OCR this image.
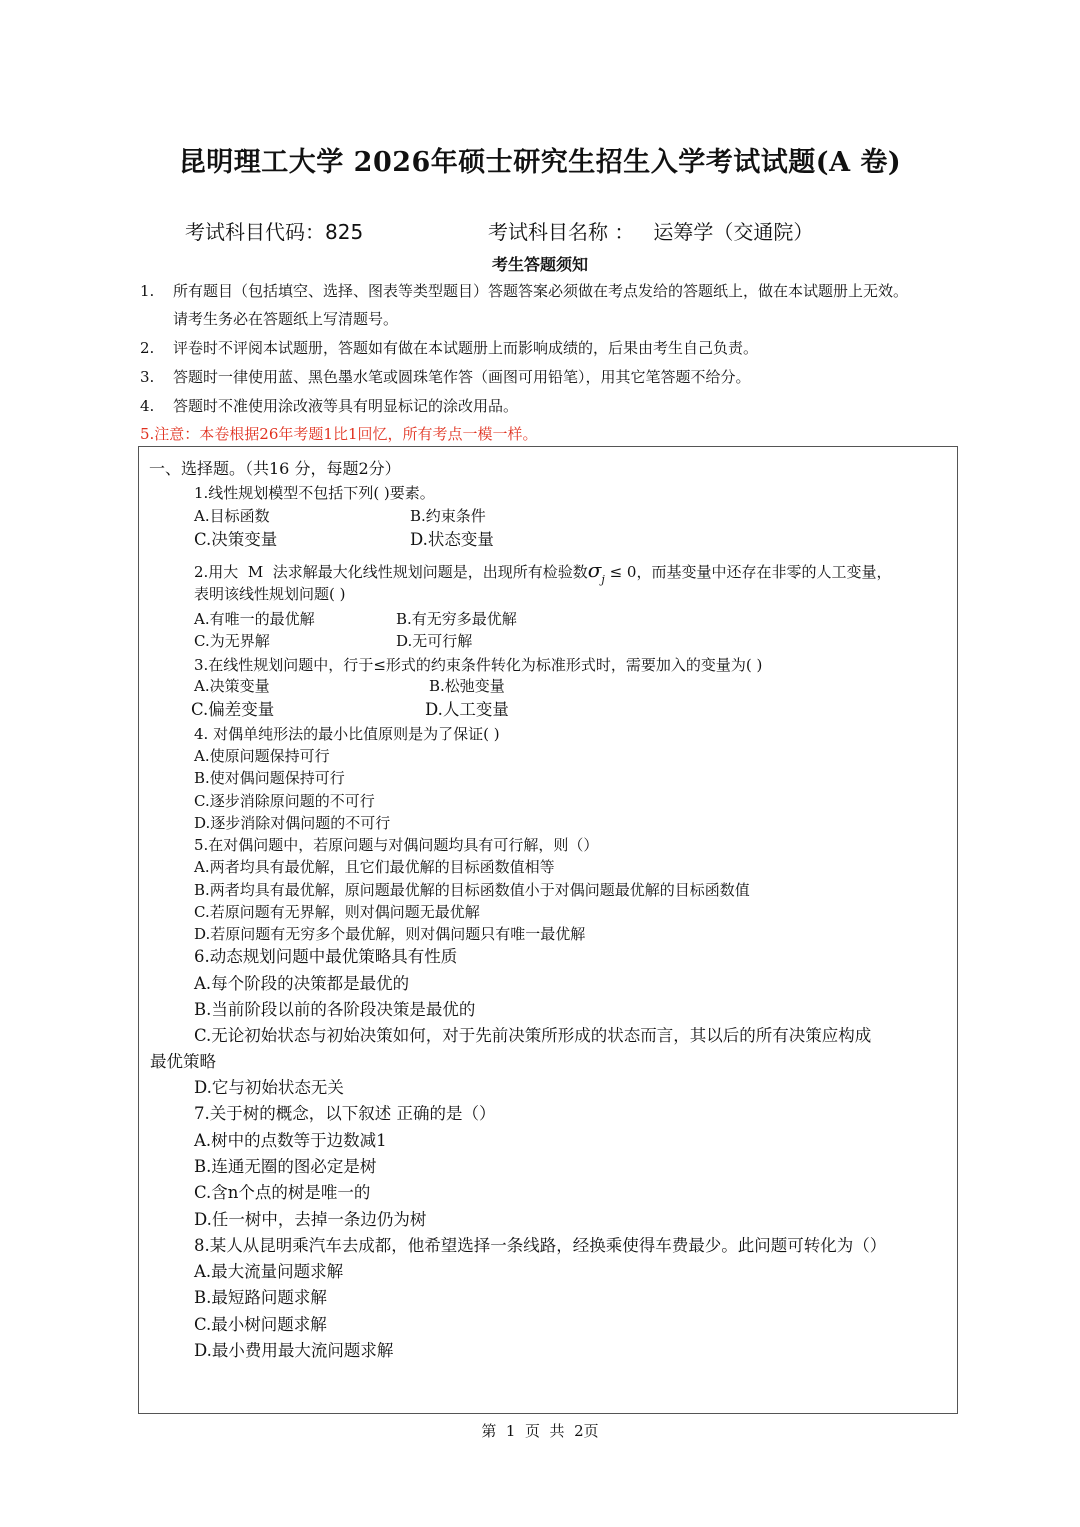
昆明理工大学 2026年硕士研究生招生入学考试试题(A 卷)
考试科目代码：825	考试科目名称 ：   运筹学（交通院）
考生答题须知
1. 所有题目（包括填空、选择、图表等类型题目）答题答案必须做在考点发给的答题纸上，做在本试题册上无效。
请考生务必在答题纸上写清题号。
2. 评卷时不评阅本试题册，答题如有做在本试题册上而影响成绩的，后果由考生自己负责。
3. 答题时一律使用蓝、黑色墨水笔或圆珠笔作答（画图可用铅笔），用其它笔答题不给分。
4. 答题时不准使用涂改液等具有明显标记的涂改用品。
5.注意：本卷根据26年考题1比1回忆，所有考点一模一样。
一、选择题。（共16 分，每题2分）
1.线性规划模型不包括下列( )要素。
A.目标函数	B.约束条件
C.决策变量	D.状态变量
2.用大  M  法求解最大化线性规划问题是，出现所有检验数$\sigma_j \le 0$，而基变量中还存在非零的人工变量，
表明该线性规划问题( )
A.有唯一的最优解	B.有无穷多最优解
C.为无界解	D.无可行解
3.在线性规划问题中，行于≤形式的约束条件转化为标准形式时，需要加入的变量为( )
A.决策变量	B.松弛变量
C.偏差变量	D.人工变量
4. 对偶单纯形法的最小比值原则是为了保证( )
A.使原问题保持可行
B.使对偶问题保持可行
C.逐步消除原问题的不可行
D.逐步消除对偶问题的不可行
5.在对偶问题中，若原问题与对偶问题均具有可行解，则（）
A.两者均具有最优解，且它们最优解的目标函数值相等
B.两者均具有最优解，原问题最优解的目标函数值小于对偶问题最优解的目标函数值
C.若原问题有无界解，则对偶问题无最优解
D.若原问题有无穷多个最优解，则对偶问题只有唯一最优解
6.动态规划问题中最优策略具有性质
A.每个阶段的决策都是最优的
B.当前阶段以前的各阶段决策是最优的
C.无论初始状态与初始决策如何，对于先前决策所形成的状态而言，其以后的所有决策应构成
最优策略
D.它与初始状态无关
7.关于树的概念，以下叙述 正确的是（）
A.树中的点数等于边数减1
B.连通无圈的图必定是树
C.含n个点的树是唯一的
D.任一树中，去掉一条边仍为树
8.某人从昆明乘汽车去成都，他希望选择一条线路，经换乘使得车费最少。此问题可转化为（）
A.最大流量问题求解
B.最短路问题求解
C.最小树问题求解
D.最小费用最大流问题求解
第  1  页  共  2页
